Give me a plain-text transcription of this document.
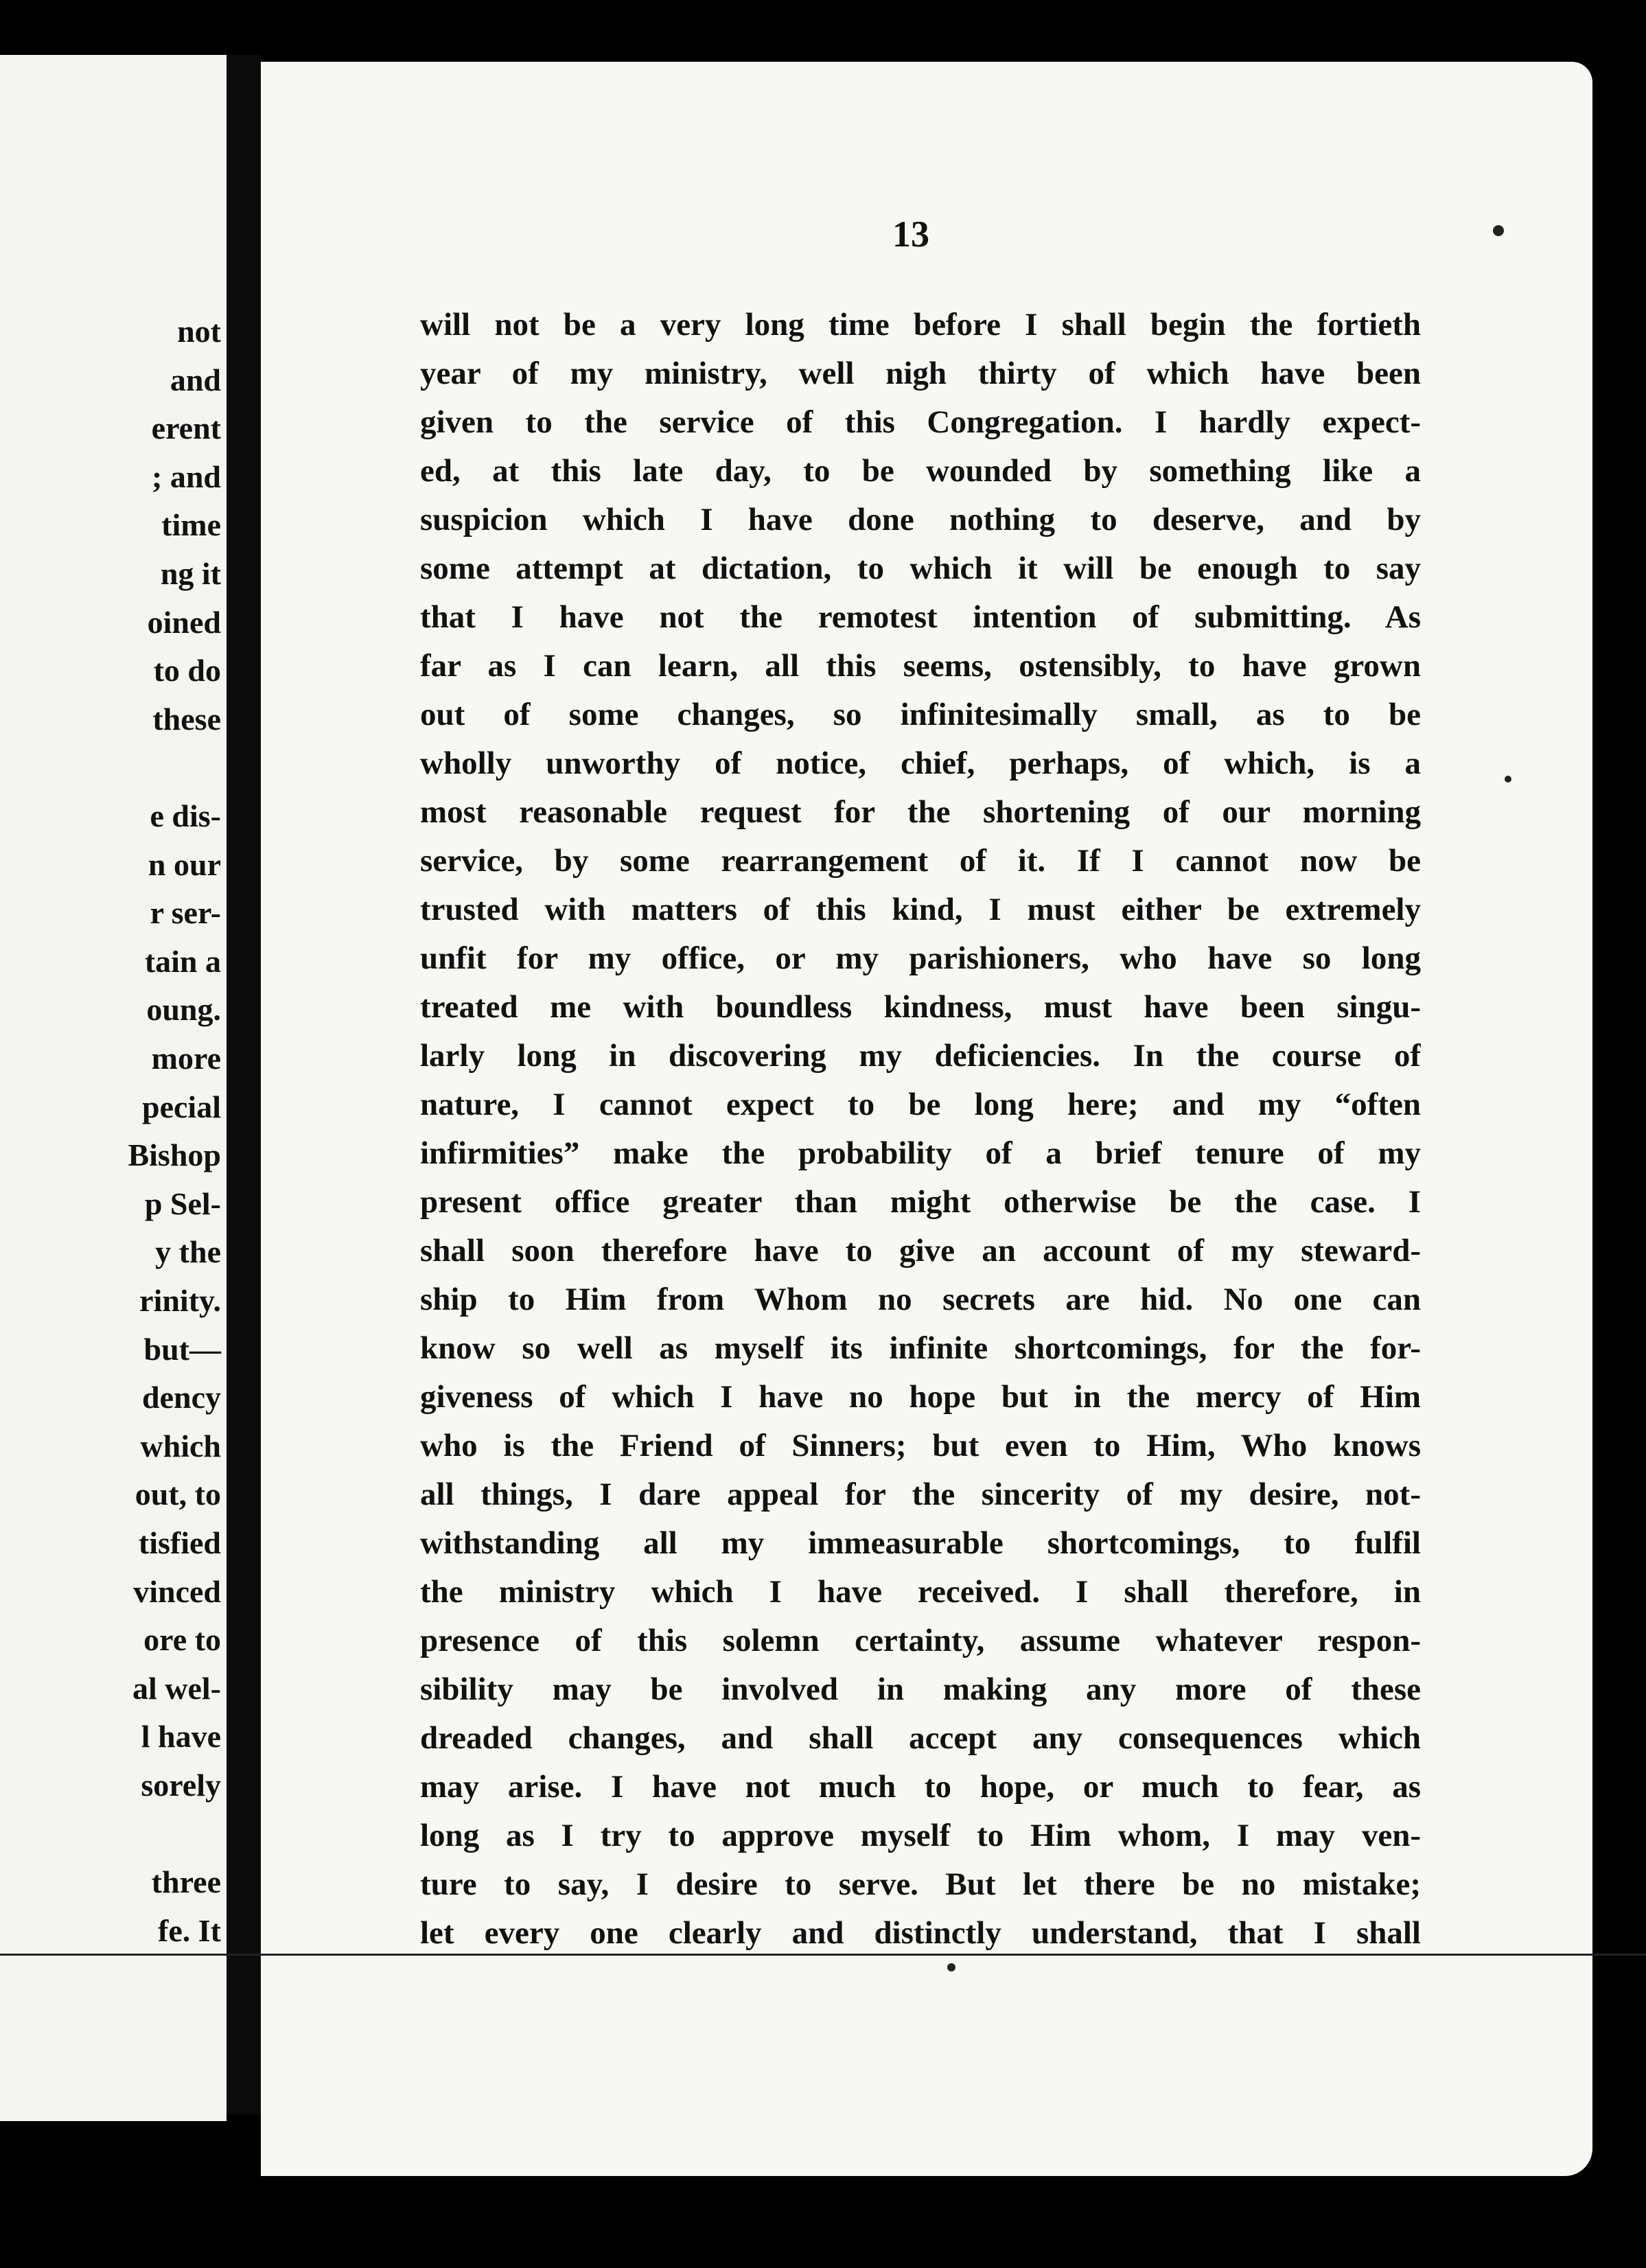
not
and
erent
; and
time
ng it
oined
to do
these
e dis-
n our
r ser-
tain a
oung.
more
pecial
Bishop
p Sel-
y the
rinity.
but—
dency
which
out, to
tisfied
vinced
ore to
al wel-
l have
sorely
three
fe. It
13
will not be a very long time before I shall begin the fortieth
year of my ministry, well nigh thirty of which have been
given to the service of this Congregation. I hardly expect-
ed, at this late day, to be wounded by something like a
suspicion which I have done nothing to deserve, and by
some attempt at dictation, to which it will be enough to say
that I have not the remotest intention of submitting. As
far as I can learn, all this seems, ostensibly, to have grown
out of some changes, so infinitesimally small, as to be
wholly unworthy of notice, chief, perhaps, of which, is a
most reasonable request for the shortening of our morning
service, by some rearrangement of it. If I cannot now be
trusted with matters of this kind, I must either be extremely
unfit for my office, or my parishioners, who have so long
treated me with boundless kindness, must have been singu-
larly long in discovering my deficiencies. In the course of
nature, I cannot expect to be long here; and my “often
infirmities” make the probability of a brief tenure of my
present office greater than might otherwise be the case. I
shall soon therefore have to give an account of my steward-
ship to Him from Whom no secrets are hid. No one can
know so well as myself its infinite shortcomings, for the for-
giveness of which I have no hope but in the mercy of Him
who is the Friend of Sinners; but even to Him, Who knows
all things, I dare appeal for the sincerity of my desire, not-
withstanding all my immeasurable shortcomings, to fulfil
the ministry which I have received. I shall therefore, in
presence of this solemn certainty, assume whatever respon-
sibility may be involved in making any more of these
dreaded changes, and shall accept any consequences which
may arise. I have not much to hope, or much to fear, as
long as I try to approve myself to Him whom, I may ven-
ture to say, I desire to serve. But let there be no mistake;
let every one clearly and distinctly understand, that I shall
